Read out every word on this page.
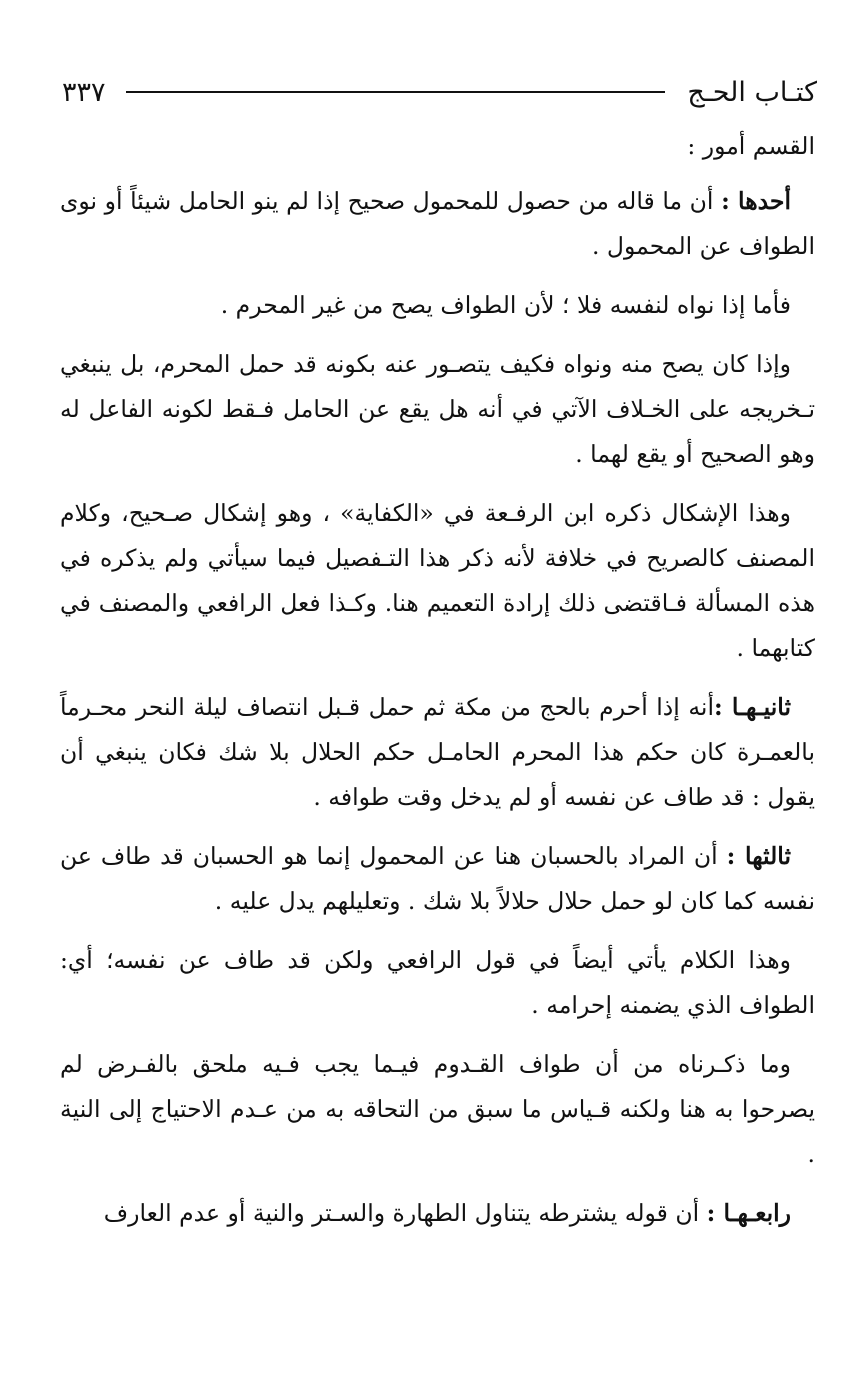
كتـاب الحـج
٣٣٧

القسم أمور :

أحدها : أن ما قاله من حصول للمحمول صحيح إذا لم ينو الحامل شيئاً أو نوى الطواف عن المحمول .

فأما إذا نواه لنفسه فلا ؛ لأن الطواف يصح من غير المحرم .

وإذا كان يصح منه ونواه فكيف يتصـور عنه بكونه قد حمل المحرم، بل ينبغي تـخريجه على الخـلاف الآتي في أنه هل يقع عن الحامل فـقط لكونه الفاعل له وهو الصحيح أو يقع لهما .

وهذا الإشكال ذكره ابن الرفـعة في «الكفاية» ، وهو إشكال صـحيح، وكلام المصنف كالصريح في خلافة لأنه ذكر هذا التـفصيل فيما سيأتي ولم يذكره في هذه المسألة فـاقتضى ذلك إرادة التعميم هنا. وكـذا فعل الرافعي والمصنف في كتابهما .

ثانيـهـا :أنه إذا أحرم بالحج من مكة ثم حمل قـبل انتصاف ليلة النحر محـرماً بالعمـرة كان حكم هذا المحرم الحامـل حكم الحلال بلا شك فكان ينبغي أن يقول : قد طاف عن نفسه أو لم يدخل وقت طوافه .

ثالثها : أن المراد بالحسبان هنا عن المحمول إنما هو الحسبان قد طاف عن نفسه كما كان لو حمل حلال حلالاً بلا شك . وتعليلهم يدل عليه .

وهذا الكلام يأتي أيضاً في قول الرافعي ولكن قد طاف عن نفسه؛ أي: الطواف الذي يضمنه إحرامه .

وما ذكـرناه من أن طواف القـدوم فيـما يجب فـيه ملحق بالفـرض لم يصرحوا به هنا ولكنه قـياس ما سبق من التحاقه به من عـدم الاحتياج إلى النية .

رابعـهـا : أن قوله يشترطه يتناول الطهارة والسـتر والنية أو عدم العارف
